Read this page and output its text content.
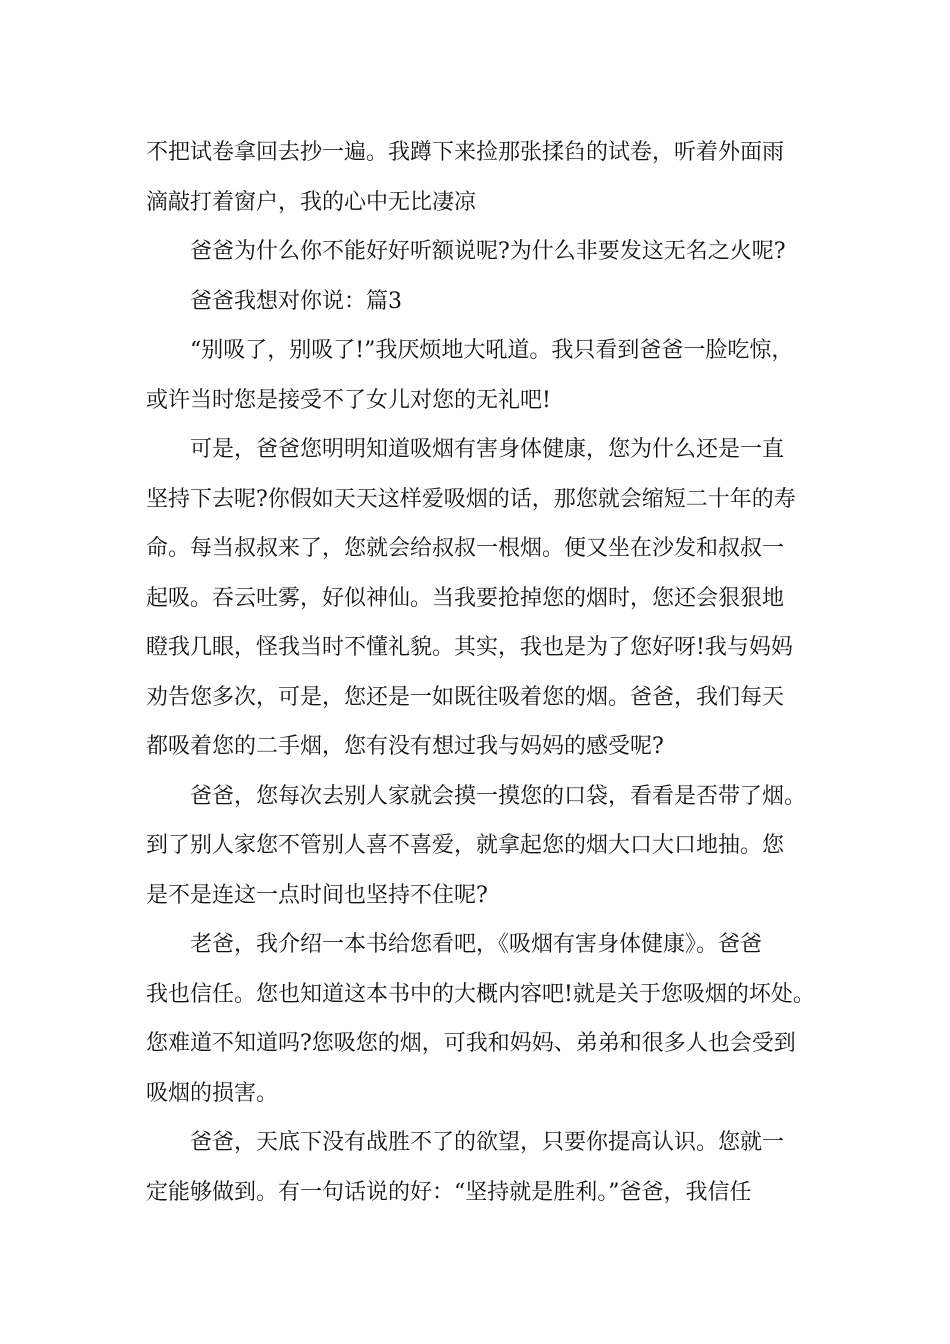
不把试卷拿回去抄一遍。我蹲下来捡那张揉臽的试卷，听着外面雨
滴敲打着窗户，我的心中无比凄凉
爸爸为什么你不能好好听额说呢?为什么非要发这无名之火呢?
爸爸我想对你说：篇3
“别吸了，别吸了!”我厌烦地大吼道。我只看到爸爸一脸吃惊，
或许当时您是接受不了女儿对您的无礼吧!
可是，爸爸您明明知道吸烟有害身体健康，您为什么还是一直
坚持下去呢?你假如天天这样爱吸烟的话，那您就会缩短二十年的寿
命。每当叔叔来了，您就会给叔叔一根烟。便又坐在沙发和叔叔一
起吸。吞云吐雾，好似神仙。当我要抢掉您的烟时，您还会狠狠地
瞪我几眼，怪我当时不懂礼貌。其实，我也是为了您好呀!我与妈妈
劝告您多次，可是，您还是一如既往吸着您的烟。爸爸，我们每天
都吸着您的二手烟，您有没有想过我与妈妈的感受呢?
爸爸，您每次去别人家就会摸一摸您的口袋，看看是否带了烟。
到了别人家您不管别人喜不喜爱，就拿起您的烟大口大口地抽。您
是不是连这一点时间也坚持不住呢?
老爸，我介绍一本书给您看吧，《吸烟有害身体健康》。爸爸
我也信任。您也知道这本书中的大概内容吧!就是关于您吸烟的坏处。
您难道不知道吗?您吸您的烟，可我和妈妈、弟弟和很多人也会受到
吸烟的损害。
爸爸，天底下没有战胜不了的欲望，只要你提高认识。您就一
定能够做到。有一句话说的好：“坚持就是胜利。”爸爸，我信任
